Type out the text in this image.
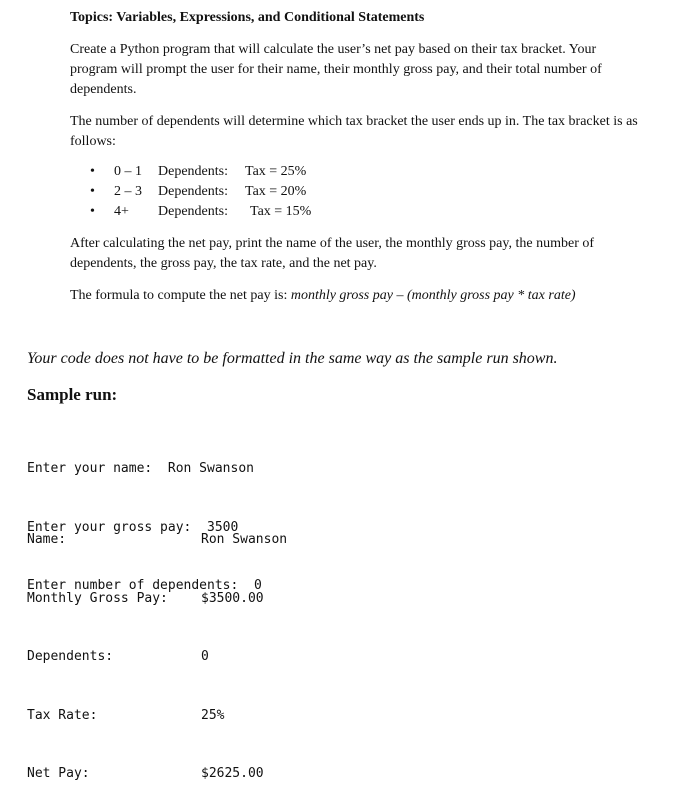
Topics: Variables, Expressions, and Conditional Statements
Create a Python program that will calculate the user’s net pay based on their tax bracket. Your program will prompt the user for their name, their monthly gross pay, and their total number of dependents.
The number of dependents will determine which tax bracket the user ends up in. The tax bracket is as follows:
• 0 – 1 Dependents: Tax = 25%
• 2 – 3 Dependents: Tax = 20%
• 4+ Dependents: Tax = 15%
After calculating the net pay, print the name of the user, the monthly gross pay, the number of dependents, the gross pay, the tax rate, and the net pay.
The formula to compute the net pay is: monthly gross pay – (monthly gross pay * tax rate)
Your code does not have to be formatted in the same way as the sample run shown.
Sample run:

Enter your name:  Ron Swanson

Enter your gross pay:  3500

Enter number of dependents:  0

Name:

Monthly Gross Pay:

Dependents:

Tax Rate:

Net Pay:

Ron Swanson

$3500.00

0

25%

$2625.00
